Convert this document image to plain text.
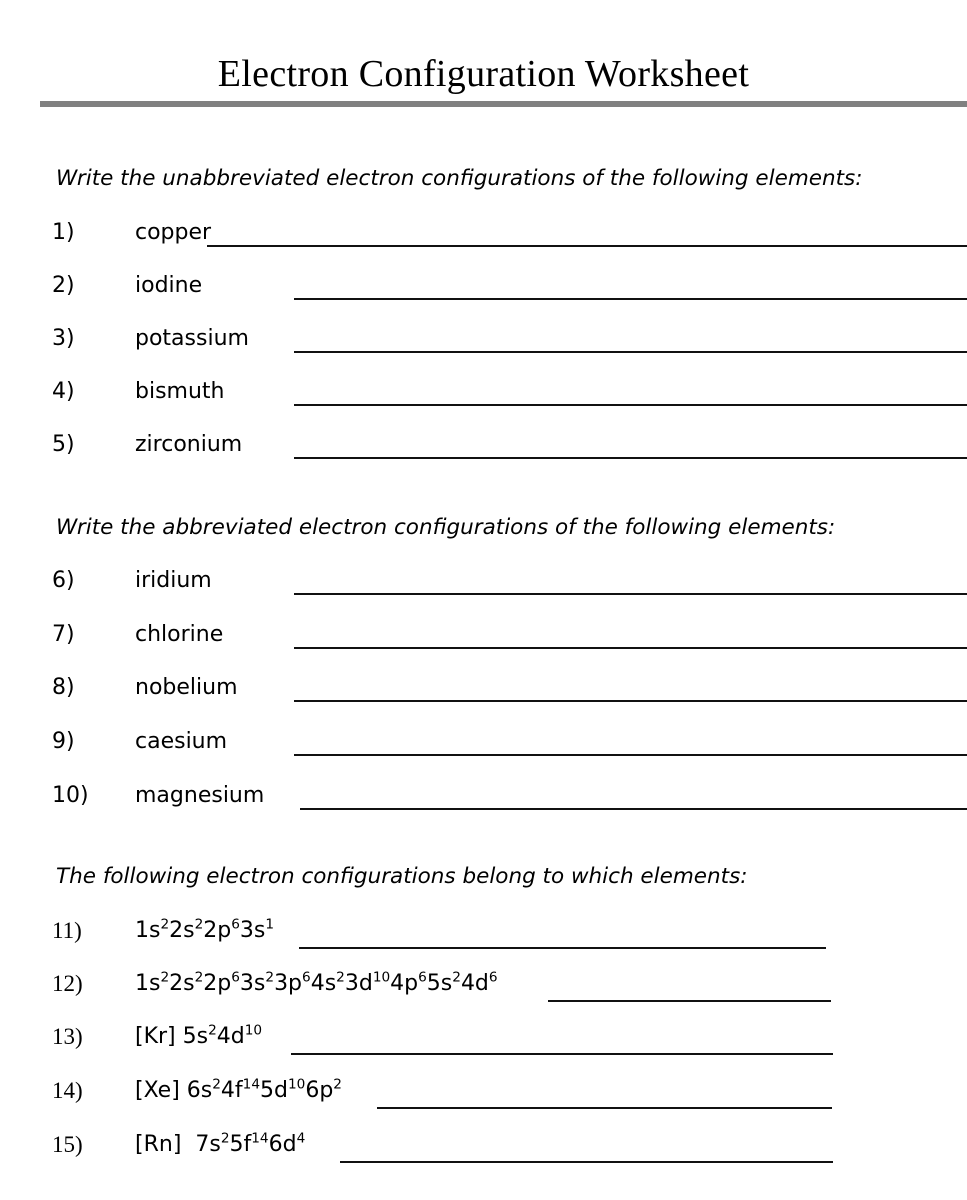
Electron Configuration Worksheet
Write the unabbreviated electron configurations of the following elements:
1)	copper
2)	iodine
3)	potassium
4)	bismuth
5)	zirconium
Write the abbreviated electron configurations of the following elements:
6)	iridium
7)	chlorine
8)	nobelium
9)	caesium
10) magnesium
The following electron configurations belong to which elements:
11) $1s^22s^22p^63s^1$
12) $1s^22s^22p^63s^23p^64s^23d^{10}4p^65s^24d^6$
13) [Kr] $5s^24d^{10}$
14) [Xe] $6s^24f^{14}5d^{10}6p^2$
15) [Rn]  $7s^25f^{14}6d^4$
